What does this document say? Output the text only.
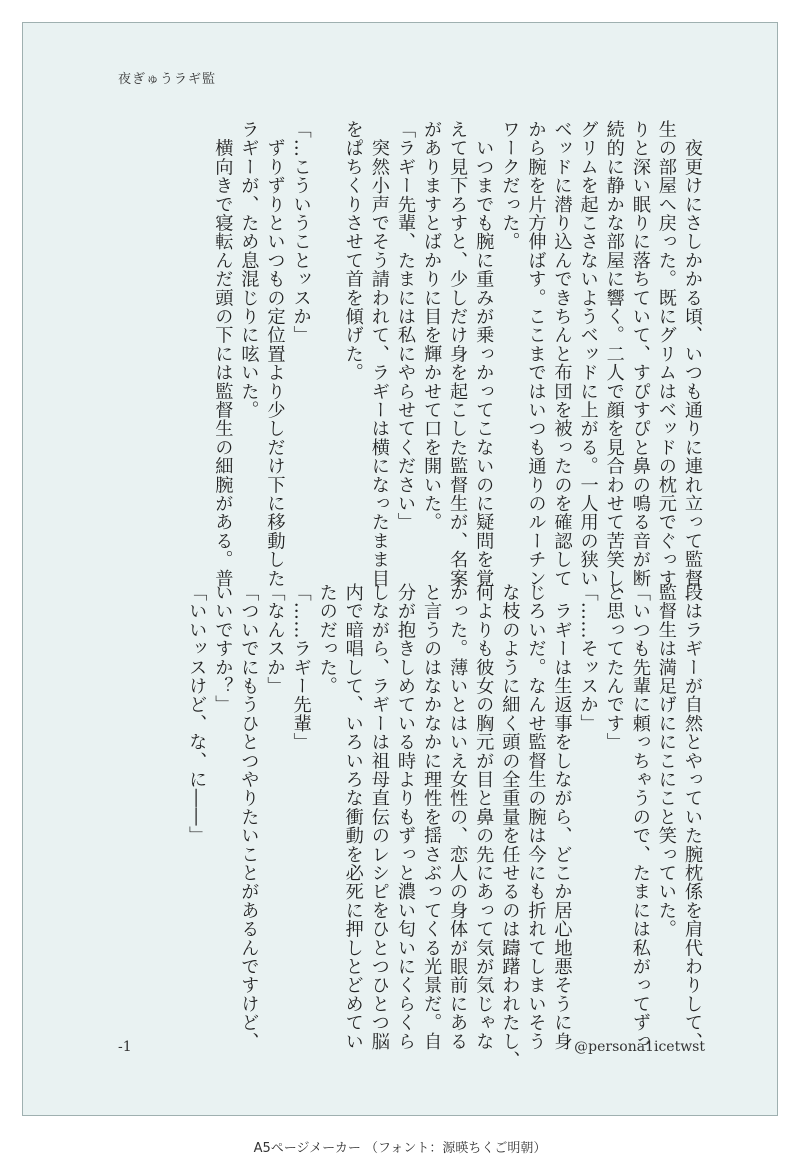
夜ぎゅうラギ監

　夜更けにさしかかる頃、いつも通りに連れ立って監督

生の部屋へ戻った。既にグリムはベッドの枕元でぐっす

りと深い眠りに落ちていて、すぴすぴと鼻の鳴る音が断

続的に静かな部屋に響く。二人で顔を見合わせて苦笑し、

グリムを起こさないようベッドに上がる。一人用の狭い

ベッドに潜り込んできちんと布団を被ったのを確認して

から腕を片方伸ばす。ここまではいつも通りのルーチン

ワークだった。

　いつまでも腕に重みが乗っかってこないのに疑問を覚

えて見下ろすと、少しだけ身を起こした監督生が、名案

がありますとばかりに目を輝かせて口を開いた。

「ラギー先輩、たまには私にやらせてください」

　突然小声でそう請われて、ラギーは横になったまま目

をぱちくりさせて首を傾げた。

「…こういうことッスか」

　ずりずりといつもの定位置より少しだけ下に移動した

ラギーが、ため息混じりに呟いた。

　横向きで寝転んだ頭の下には監督生の細腕がある。普

段はラギーが自然とやっていた腕枕係を肩代わりして、

監督生は満足げににこにこと笑っていた。

「いつも先輩に頼っちゃうので、たまには私がってずっ

と思ってたんです」

「……そッスか」

　ラギーは生返事をしながら、どこか居心地悪そうに身

じろいだ。なんせ監督生の腕は今にも折れてしまいそう

な枝のように細く頭の全重量を任せるのは躊躇われたし、

何よりも彼女の胸元が目と鼻の先にあって気が気じゃな

かった。薄いとはいえ女性の、恋人の身体が眼前にある

と言うのはなかなかに理性を揺さぶってくる光景だ。自

分が抱きしめている時よりもずっと濃い匂いにくらくら

しながら、ラギーは祖母直伝のレシピをひとつひとつ脳

内で暗唱して、いろいろな衝動を必死に押しとどめてい

たのだった。

「……ラギー先輩」

「なんスか」

「ついでにもうひとつやりたいことがあるんですけど、

いいですか？」

「いいッスけど、な、に――」

-1	@persona1icetwst
A5ページメーカー （フォント：源暎ちくご明朝）
